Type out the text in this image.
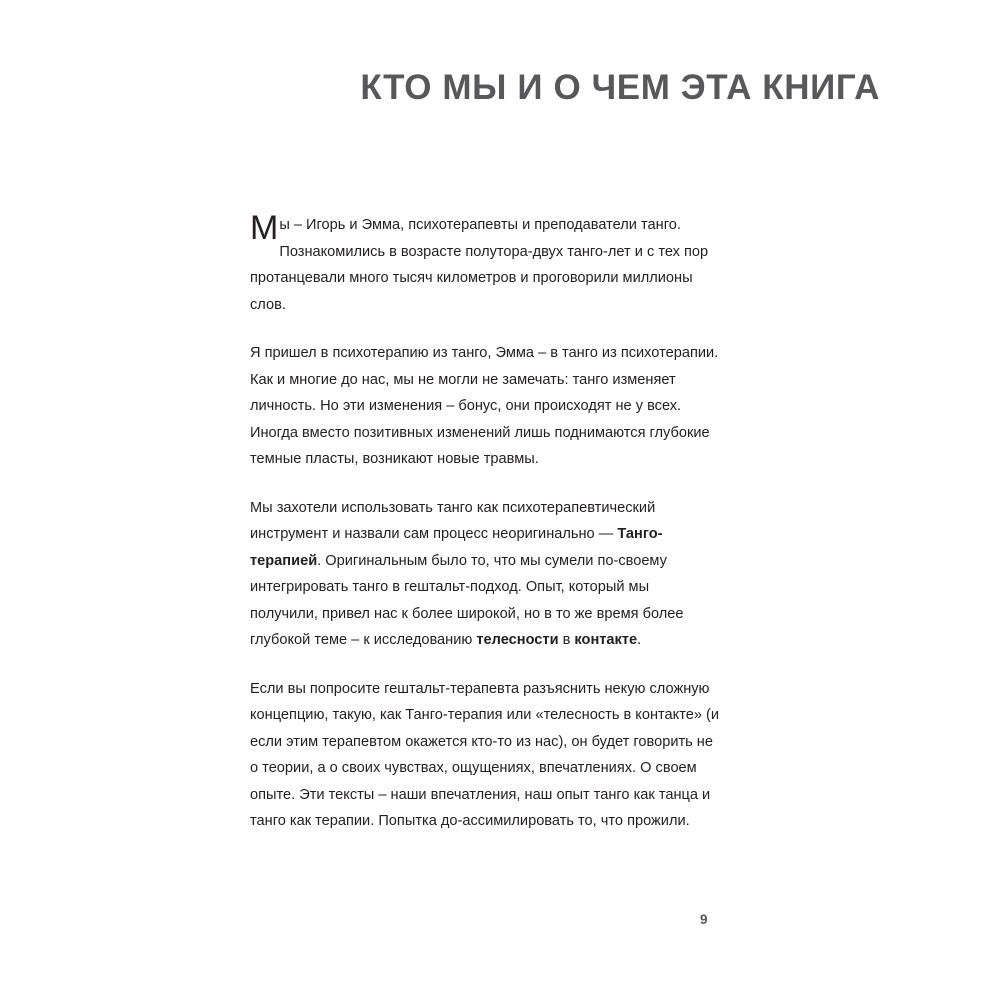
КТО МЫ И О ЧЕМ ЭТА КНИГА

Мы – Игорь и Эмма, психотерапевты и преподаватели танго. Познакомились в возрасте полутора-двух танго-лет и с тех пор протанцевали много тысяч километров и проговорили миллионы слов.

Я пришел в психотерапию из танго, Эмма – в танго из психотерапии. Как и многие до нас, мы не могли не замечать: танго изменяет личность. Но эти изменения – бонус, они происходят не у всех. Иногда вместо позитивных изменений лишь поднимаются глубокие темные пласты, возникают новые травмы.

Мы захотели использовать танго как психотерапевтический инструмент и назвали сам процесс неоригинально — Танго-терапией. Оригинальным было то, что мы сумели по-своему интегрировать танго в гештальт-подход. Опыт, который мы получили, привел нас к более широкой, но в то же время более глубокой теме – к исследованию телесности в контакте.

Если вы попросите гештальт-терапевта разъяснить некую сложную концепцию, такую, как Танго-терапия или «телесность в контакте» (и если этим терапевтом окажется кто-то из нас), он будет говорить не о теории, а о своих чувствах, ощущениях, впечатлениях. О своем опыте. Эти тексты – наши впечатления, наш опыт танго как танца и танго как терапии. Попытка до-ассимилировать то, что прожили.

9
